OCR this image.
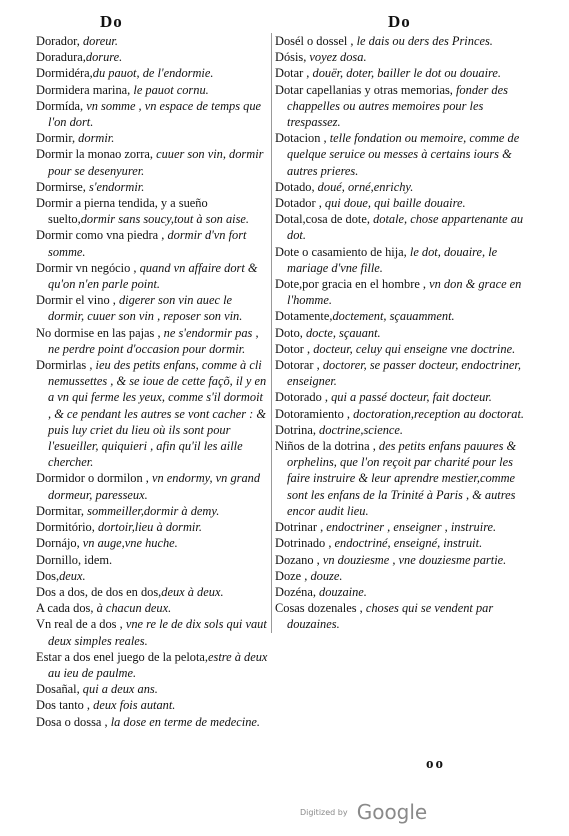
Do	Do

Dorador, doreur.

Doradura,dorure.

Dormidéra,du pauot, de l'endormie.

Dormidera marina, le pauot cornu.

Dormída, vn somme , vn espace de temps que l'on dort.

Dormir, dormir.

Dormir la monao zorra, cuuer son vin, dormir pour se desenyurer.

Dormirse, s'endormir.

Dormir a pierna tendida, y a sueño suelto,dormir sans soucy,tout à son aise.

Dormir como vna piedra , dormir d'vn fort somme.

Dormir vn negócio , quand vn affaire dort & qu'on n'en parle point.

Dormir el vino , digerer son vin auec le dormir, cuuer son vin , reposer son vin.

No dormise en las pajas , ne s'endormir pas , ne perdre point d'occasion pour dormir.

Dormirlas , ieu des petits enfans, comme à cli nemussettes , & se ioue de cette façõ, il y en a vn qui ferme les yeux, comme s'il dormoit , & ce pendant les autres se vont cacher : & puis luy criet du lieu où ils sont pour l'esueiller, quiquieri , afin qu'il les aille chercher.

Dormidor o dormilon , vn endormy, vn grand dormeur, paresseux.

Dormitar, sommeiller,dormir à demy.

Dormitório, dortoir,lieu à dormir.

Dornájo, vn auge,vne huche.

Dornillo, idem.

Dos,deux.

Dos a dos, de dos en dos,deux à deux.

A cada dos, à chacun deux.

Vn real de a dos , vne re le de dix sols qui vaut deux simples reales.

Estar a dos enel juego de la pelota,estre à deux au ieu de paulme.

Dosañal, qui a deux ans.

Dos tanto , deux fois autant.

Dosa o dossa , la dose en terme de medecine.

Dosél o dossel , le dais ou ders des Princes.

Dósis, voyez dosa.

Dotar , douër, doter, bailler le dot ou douaire.

Dotar capellanias y otras memorias, fonder des chappelles ou autres memoires pour les trespassez.

Dotacion , telle fondation ou memoire, comme de quelque seruice ou messes à certains iours & autres prieres.

Dotado, doué, orné,enrichy.

Dotador , qui doue, qui baille douaire.

Dotal,cosa de dote, dotale, chose appartenante au dot.

Dote o casamiento de hija, le dot, douaire, le mariage d'vne fille.

Dote,por gracia en el hombre , vn don & grace en l'homme.

Dotamente,doctement, sçauamment.

Doto, docte, sçauant.

Dotor , docteur, celuy qui enseigne vne doctrine.

Dotorar , doctorer, se passer docteur, endoctriner, enseigner.

Dotorado , qui a passé docteur, fait docteur.

Dotoramiento , doctoration,reception au doctorat.

Dotrina, doctrine,science.

Niños de la dotrina , des petits enfans pauures & orphelins, que l'on reçoit par charité pour les faire instruire & leur aprendre mestier,comme sont les enfans de la Trinité à Paris , & autres encor audit lieu.

Dotrinar , endoctriner , enseigner , instruire.

Dotrinado , endoctriné, enseigné, instruit.

Dozano , vn douziesme , vne douziesme partie.

Doze , douze.

Dozéna, douzaine.

Cosas dozenales , choses qui se vendent par douzaines.

oo
Digitized by Google
